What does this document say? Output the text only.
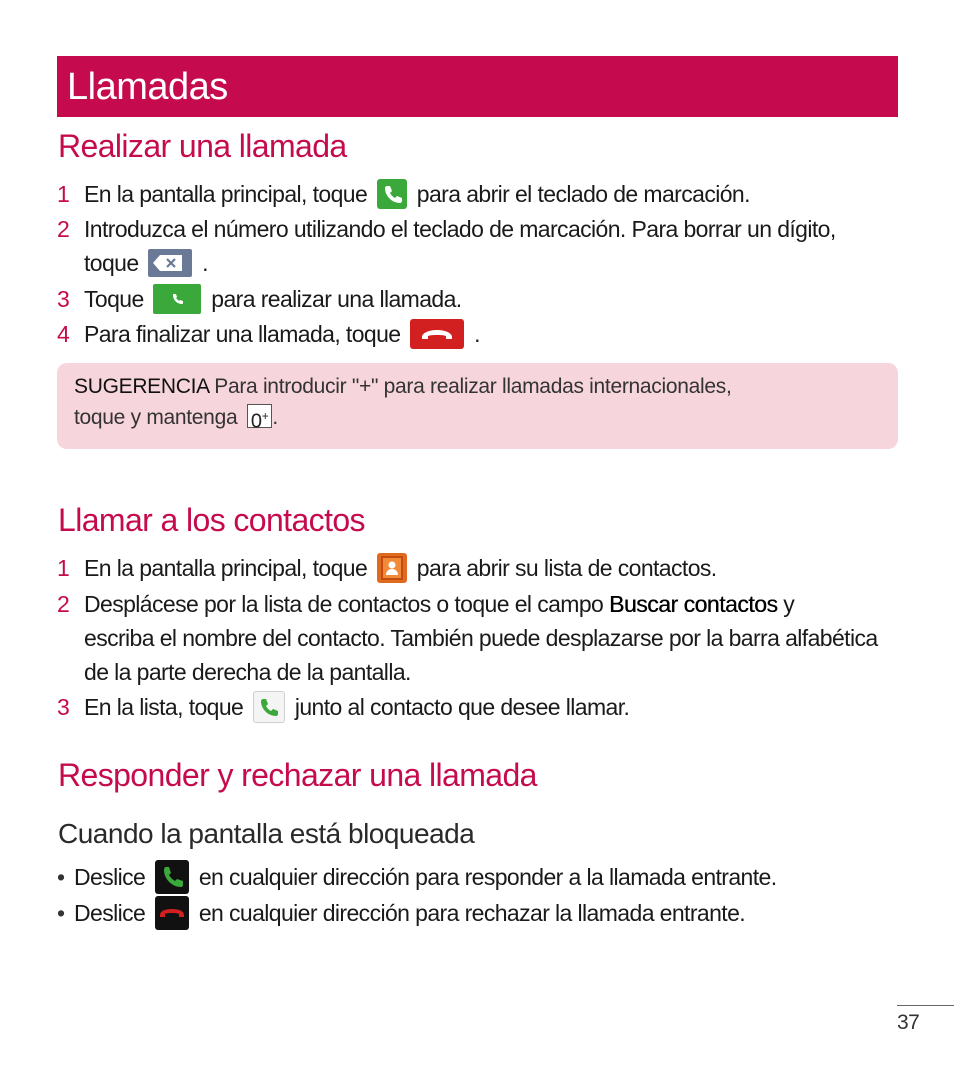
Llamadas
Realizar una llamada
1 En la pantalla principal, toque para abrir el teclado de marcación.
2 Introduzca el número utilizando el teclado de marcación. Para borrar un dígito,
toque	.
3 Toque	para realizar una llamada.
4 Para finalizar una llamada, toque	.
SUGERENCIA Para introducir "+" para realizar llamadas internacionales,
toque y mantenga 0+ .
Llamar a los contactos
1 En la pantalla principal, toque para abrir su lista de contactos.
2 Desplácese por la lista de contactos o toque el campo Buscar contactos y
escriba el nombre del contacto. También puede desplazarse por la barra alfabética
de la parte derecha de la pantalla.
3 En la lista, toque junto al contacto que desee llamar.
Responder y rechazar una llamada
Cuando la pantalla está bloqueada
• Deslice en cualquier dirección para responder a la llamada entrante.
• Deslice en cualquier dirección para rechazar la llamada entrante.
37
